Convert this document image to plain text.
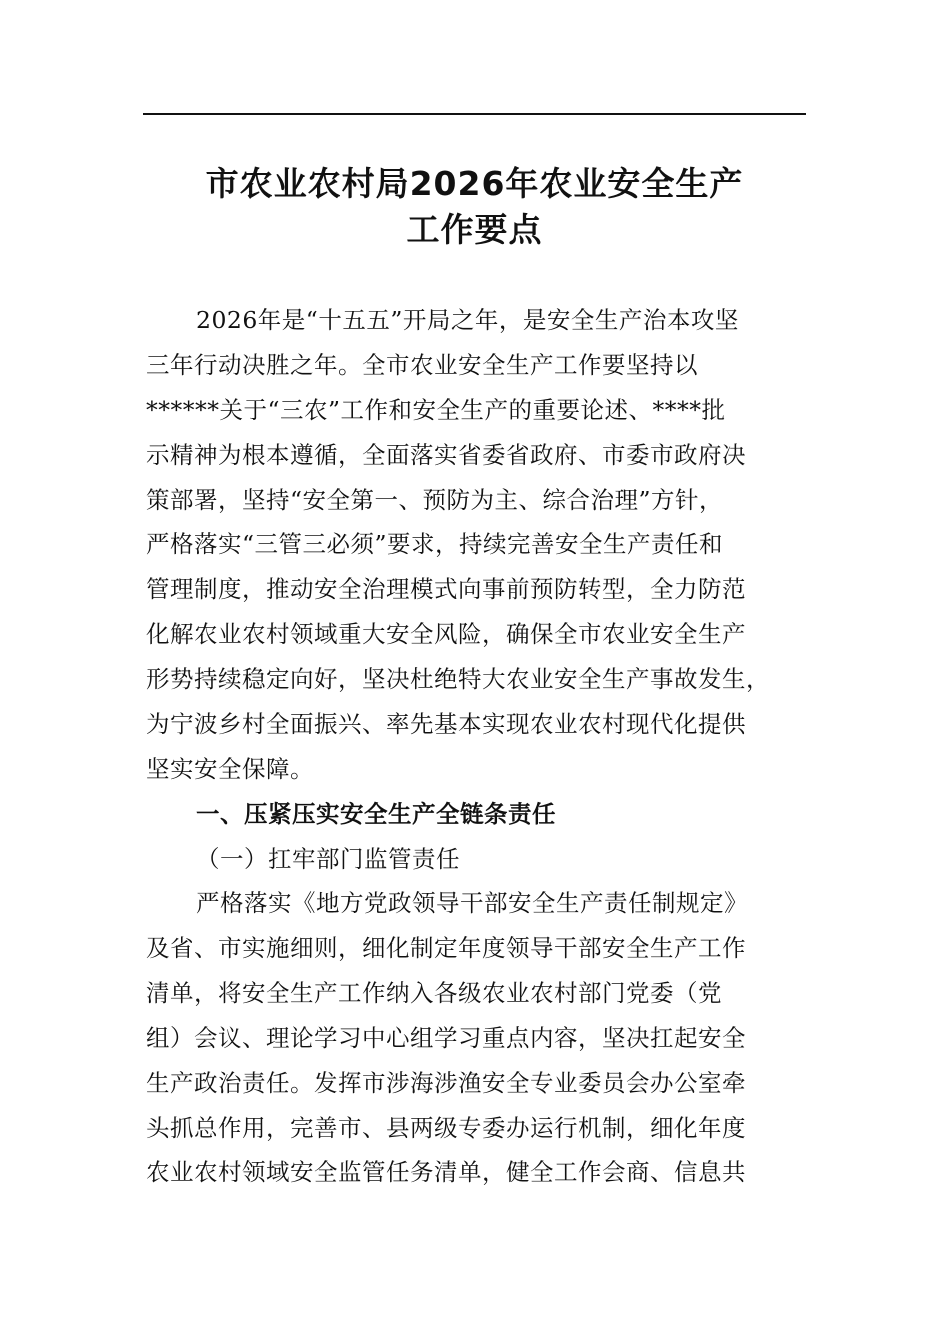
市农业农村局2026年农业安全生产
工作要点
2026年是“十五五”开局之年，是安全生产治本攻坚
三年行动决胜之年。全市农业安全生产工作要坚持以
******关于“三农”工作和安全生产的重要论述、****批
示精神为根本遵循，全面落实省委省政府、市委市政府决
策部署，坚持“安全第一、预防为主、综合治理”方针，
严格落实“三管三必须”要求，持续完善安全生产责任和
管理制度，推动安全治理模式向事前预防转型，全力防范
化解农业农村领域重大安全风险，确保全市农业安全生产
形势持续稳定向好，坚决杜绝特大农业安全生产事故发生，
为宁波乡村全面振兴、率先基本实现农业农村现代化提供
坚实安全保障。
一、压紧压实安全生产全链条责任
（一）扛牢部门监管责任
严格落实《地方党政领导干部安全生产责任制规定》
及省、市实施细则，细化制定年度领导干部安全生产工作
清单，将安全生产工作纳入各级农业农村部门党委（党
组）会议、理论学习中心组学习重点内容，坚决扛起安全
生产政治责任。发挥市涉海涉渔安全专业委员会办公室牵
头抓总作用，完善市、县两级专委办运行机制，细化年度
农业农村领域安全监管任务清单，健全工作会商、信息共
